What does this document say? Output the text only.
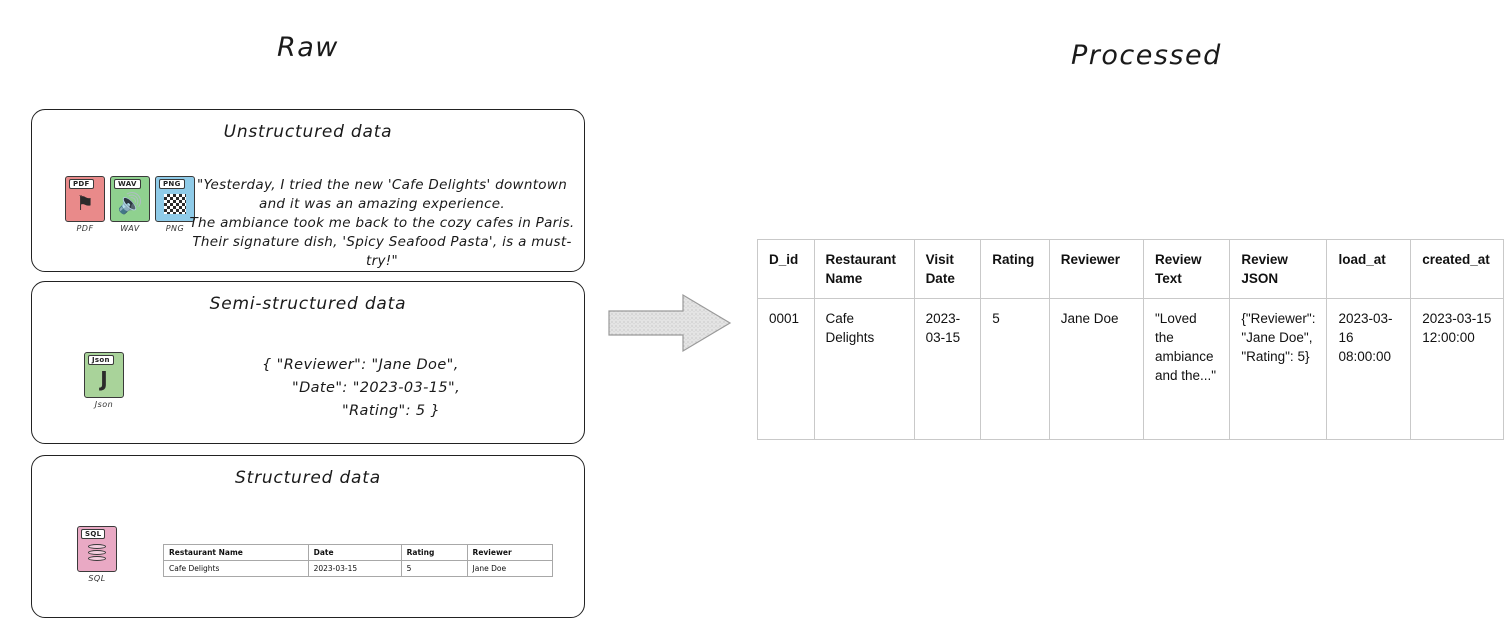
Raw	Processed
Unstructured data
PDF
⚑
PDF
WAV
🔊
WAV
PNG
PNG
"Yesterday, I tried the new 'Cafe Delights' downtown
and it was an amazing experience.
The ambiance took me back to the cozy cafes in Paris.
Their signature dish, 'Spicy Seafood Pasta', is a must-try!"
Semi-structured data
Json
J
Json
{ "Reviewer": "Jane Doe",
"Date": "2023-03-15",
"Rating": 5 }
Structured data
SQL
SQL
Restaurant Name	Date	Rating	Reviewer
Cafe Delights	2023-03-15	5	Jane Doe
D_id	Restaurant Name	Visit Date	Rating	Reviewer	Review Text	Review JSON	load_at	created_at
0001	Cafe Delights	2023-03-15	5	Jane Doe	"Loved the ambiance and the..."	{"Reviewer": "Jane Doe", "Rating": 5}	2023-03-16 08:00:00	2023-03-15 12:00:00
